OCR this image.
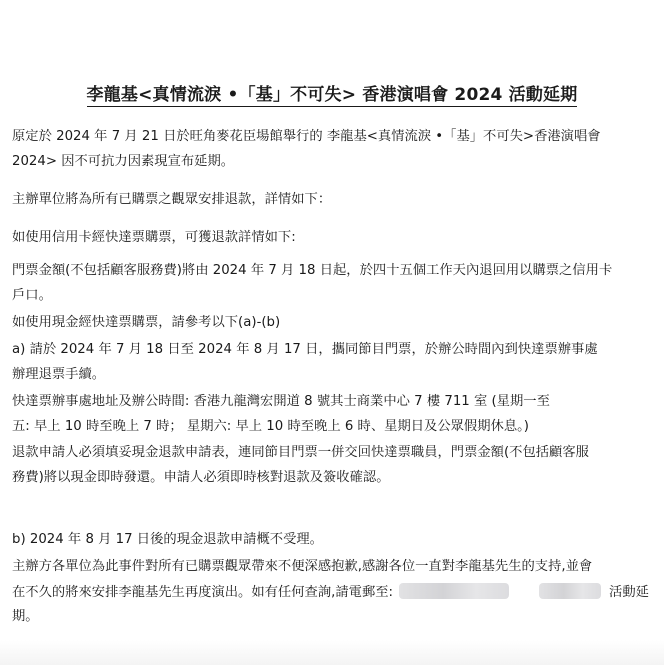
李龍基<真情流淚 •「基」不可失> 香港演唱會 2024 活動延期
原定於 2024 年 7 月 21 日於旺角麥花臣場館舉行的 李龍基<真情流淚 •「基」不可失>香港演唱會
2024> 因不可抗力因素現宣布延期。
主辦單位將為所有已購票之觀眾安排退款，詳情如下：
如使用信用卡經快達票購票，可獲退款詳情如下:
門票金額(不包括顧客服務費)將由 2024 年 7 月 18 日起，於四十五個工作天內退回用以購票之信用卡
戶口。
如使用現金經快達票購票，請參考以下(a)-(b)
a) 請於 2024 年 7 月 18 日至 2024 年 8 月 17 日，攜同節目門票，於辦公時間內到快達票辦事處
辦理退票手續。
快達票辦事處地址及辦公時間: 香港九龍灣宏開道 8 號其士商業中心 7 樓 711 室 (星期一至
五: 早上 10 時至晚上 7 時； 星期六: 早上 10 時至晚上 6 時、星期日及公眾假期休息。)
退款申請人必須填妥現金退款申請表，連同節目門票一併交回快達票職員，門票金額(不包括顧客服
務費)將以現金即時發還。申請人必須即時核對退款及簽收確認。
b) 2024 年 8 月 17 日後的現金退款申請概不受理。
主辦方各單位為此事件對所有已購票觀眾帶來不便深感抱歉,感謝各位一直對李龍基先生的支持,並會
在不久的將來安排李龍基先生再度演出。如有任何查詢,請電郵至:	活動延
期。
